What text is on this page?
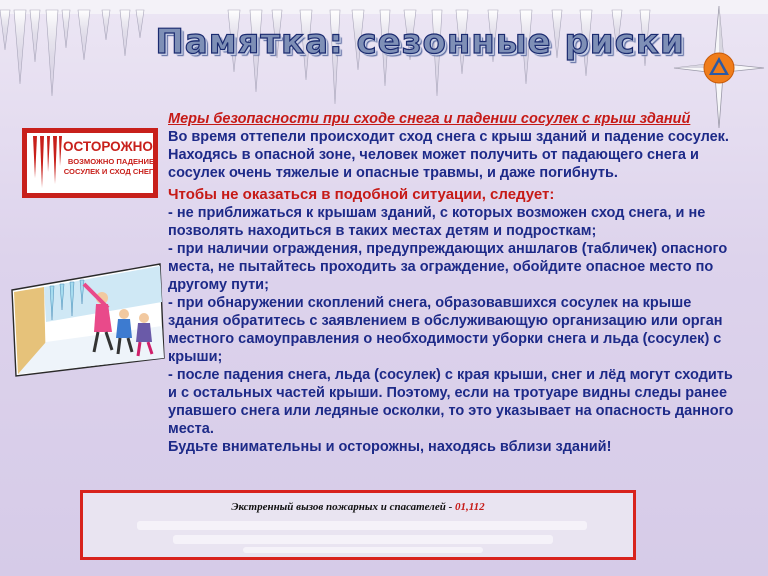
Памятка: сезонные риски
ОСТОРОЖНО!
ВОЗМОЖНО ПАДЕНИЕ СОСУЛЕК И СХОД СНЕГА

Меры безопасности при сходе снега и падении сосулек с крыш зданий

Во время оттепели происходит сход снега с крыш зданий и падение сосулек. Находясь в опасной зоне, человек может получить от падающего снега и сосулек очень тяжелые и опасные травмы, и даже погибнуть.

Чтобы не оказаться в подобной ситуации, следует:

- не приближаться к крышам зданий, с которых возможен сход снега, и не позволять находиться в таких местах детям и подросткам;
- при наличии ограждения, предупреждающих аншлагов (табличек) опасного места, не пытайтесь проходить за ограждение, обойдите опасное место по другому пути;
- при обнаружении скоплений снега, образовавшихся сосулек на крыше здания обратитесь с заявлением в обслуживающую организацию или орган местного самоуправления о необходимости уборки снега и льда (сосулек) с крыши;
- после падения снега, льда (сосулек) с края крыши, снег и лёд могут сходить и с остальных частей крыши. Поэтому, если на тротуаре видны следы ранее упавшего снега или ледяные осколки, то это указывает на опасность данного места.
Будьте внимательны и осторожны, находясь вблизи зданий!
Экстренный вызов пожарных и спасателей - 01,112
